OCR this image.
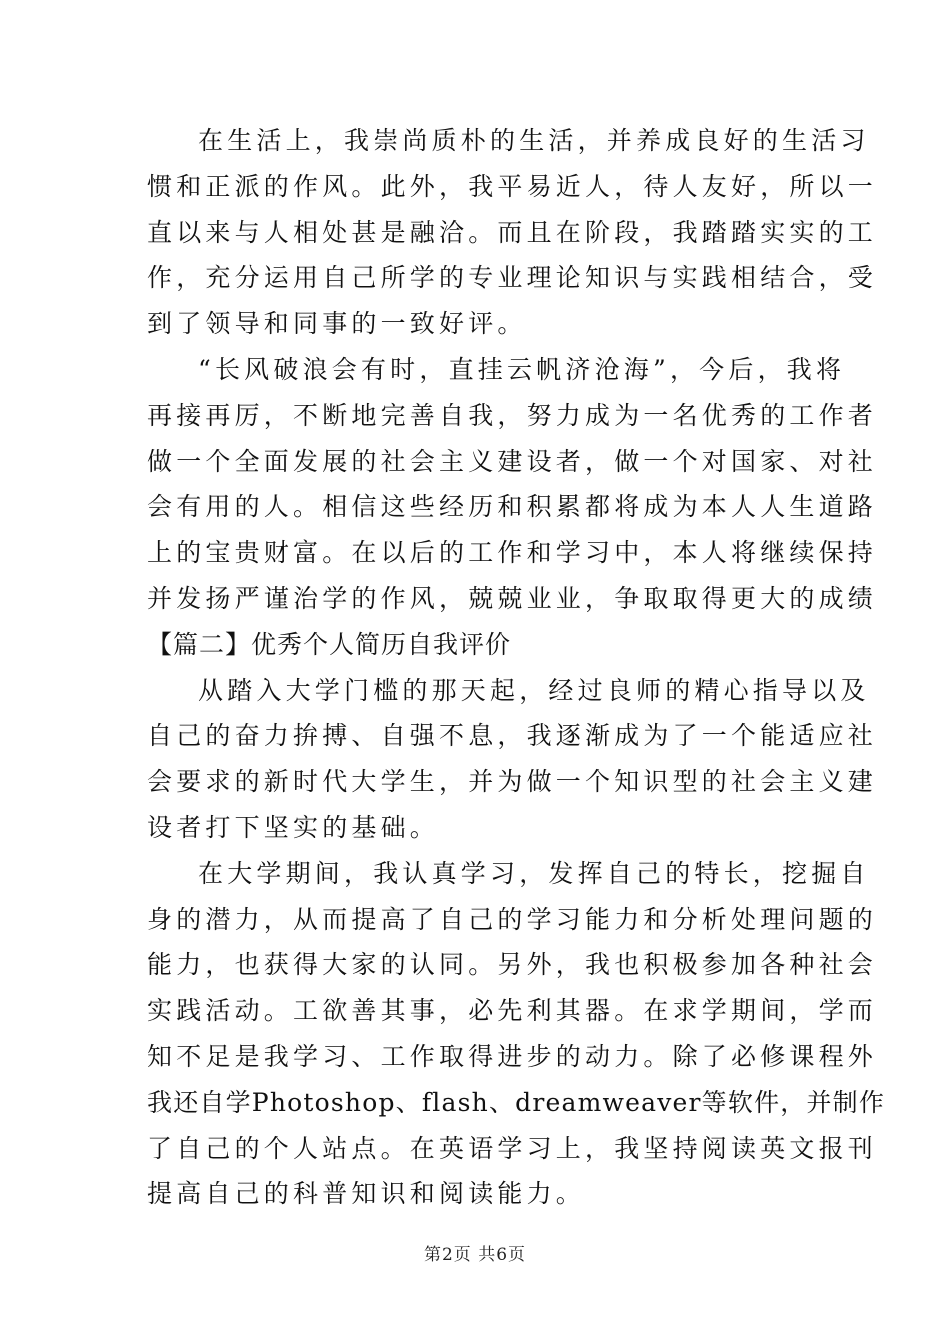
在生活上，我崇尚质朴的生活，并养成良好的生活习
惯和正派的作风。此外，我平易近人，待人友好，所以一
直以来与人相处甚是融洽。而且在阶段，我踏踏实实的工
作，充分运用自己所学的专业理论知识与实践相结合，受
到了领导和同事的一致好评。
“长风破浪会有时，直挂云帆济沧海”，今后，我将
再接再厉，不断地完善自我，努力成为一名优秀的工作者
做一个全面发展的社会主义建设者，做一个对国家、对社
会有用的人。相信这些经历和积累都将成为本人人生道路
上的宝贵财富。在以后的工作和学习中，本人将继续保持
并发扬严谨治学的作风，兢兢业业，争取取得更大的成绩
【篇二】优秀个人简历自我评价
从踏入大学门槛的那天起，经过良师的精心指导以及
自己的奋力拚搏、自强不息，我逐渐成为了一个能适应社
会要求的新时代大学生，并为做一个知识型的社会主义建
设者打下坚实的基础。
在大学期间，我认真学习，发挥自己的特长，挖掘自
身的潜力，从而提高了自己的学习能力和分析处理问题的
能力，也获得大家的认同。另外，我也积极参加各种社会
实践活动。工欲善其事，必先利其器。在求学期间，学而
知不足是我学习、工作取得进步的动力。除了必修课程外
我还自学Photoshop、flash、dreamweaver等软件，并制作
了自己的个人站点。在英语学习上，我坚持阅读英文报刊
提高自己的科普知识和阅读能力。
第2页 共6页
